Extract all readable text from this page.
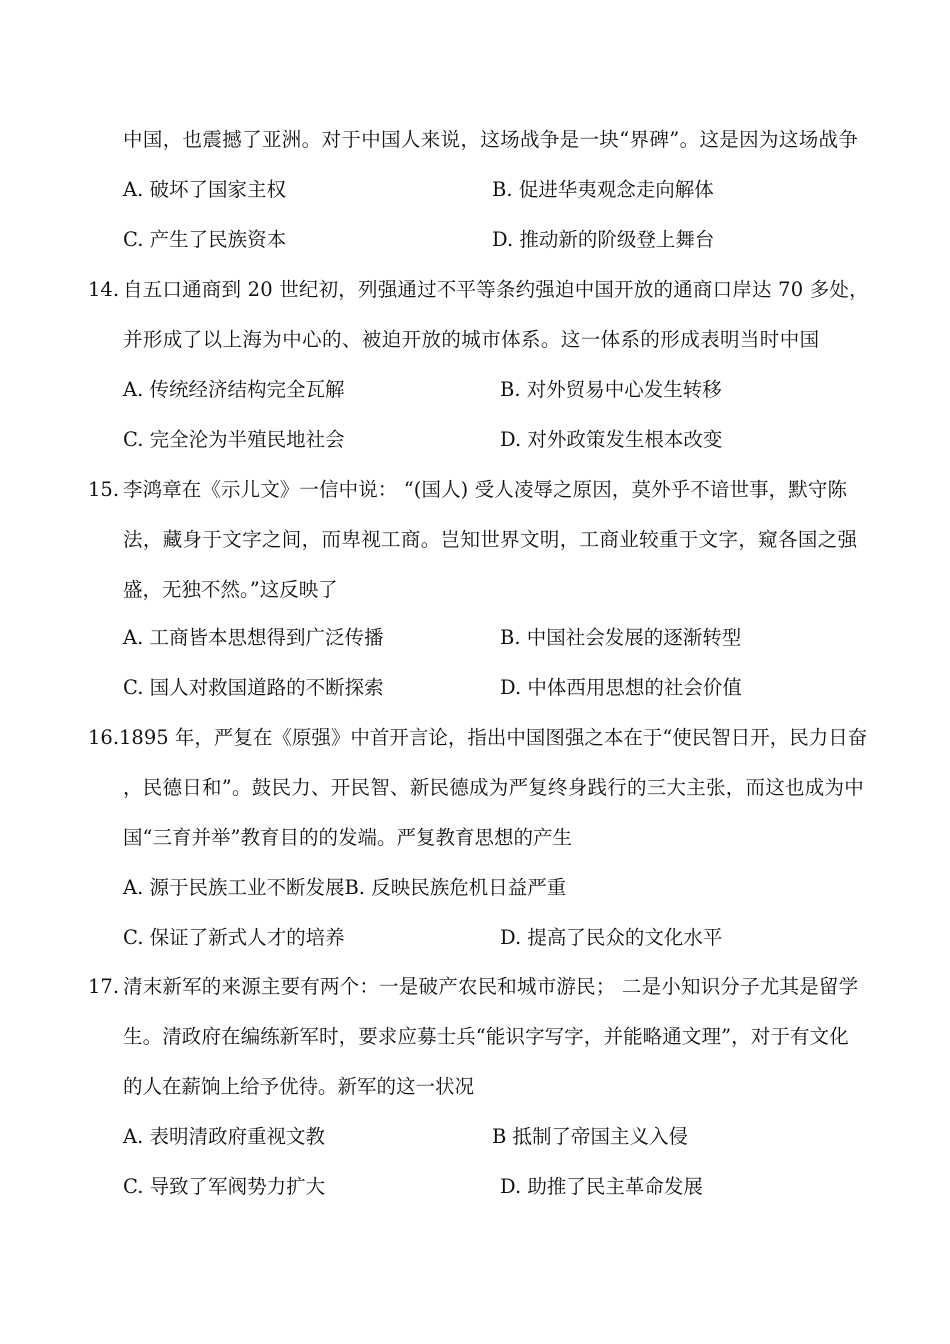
中国，也震撼了亚洲。对于中国人来说，这场战争是一块“界碑”。这是因为这场战争
A. 破坏了国家主权	B. 促进华夷观念走向解体
C. 产生了民族资本	D. 推动新的阶级登上舞台
14. 自五口通商到 20 世纪初，列强通过不平等条约强迫中国开放的通商口岸达 70 多处，
并形成了以上海为中心的、被迫开放的城市体系。这一体系的形成表明当时中国
A. 传统经济结构完全瓦解	B. 对外贸易中心发生转移
C. 完全沦为半殖民地社会	D. 对外政策发生根本改变
15. 李鸿章在《示儿文》一信中说： “(国人) 受人凌辱之原因，莫外乎不谙世事，默守陈
法，藏身于文字之间，而卑视工商。岂知世界文明，工商业较重于文字，窥各国之强
盛，无独不然。”这反映了
A. 工商皆本思想得到广泛传播	B. 中国社会发展的逐渐转型
C. 国人对救国道路的不断探索	D. 中体西用思想的社会价值
16. 1895 年，严复在《原强》中首开言论，指出中国图强之本在于“使民智日开，民力日奋
，民德日和”。鼓民力、开民智、新民德成为严复终身践行的三大主张，而这也成为中
国“三育并举”教育目的的发端。严复教育思想的产生
A. 源于民族工业不断发展B. 反映民族危机日益严重
C. 保证了新式人才的培养	D. 提高了民众的文化水平
17. 清末新军的来源主要有两个：一是破产农民和城市游民； 二是小知识分子尤其是留学
生。清政府在编练新军时，要求应募士兵“能识字写字，并能略通文理”，对于有文化
的人在薪饷上给予优待。新军的这一状况
A. 表明清政府重视文教	B 抵制了帝国主义入侵
C. 导致了军阀势力扩大	D. 助推了民主革命发展
